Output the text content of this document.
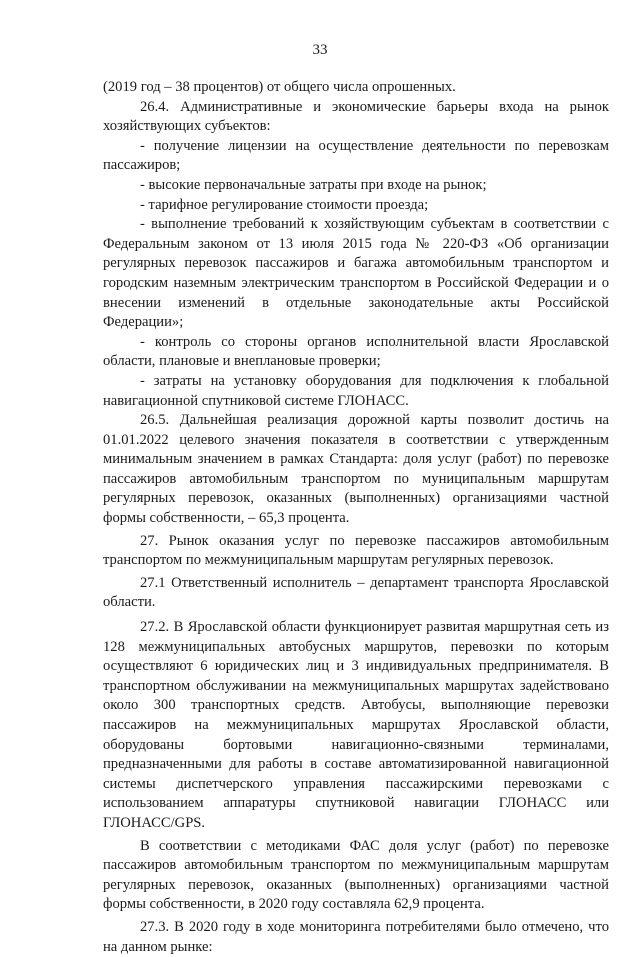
33

(2019 год – 38 процентов) от общего числа опрошенных.

26.4. Административные и экономические барьеры входа на рынок хозяйствующих субъектов:

- получение лицензии на осуществление деятельности по перевозкам пассажиров;

- высокие первоначальные затраты при входе на рынок;

- тарифное регулирование стоимости проезда;

- выполнение требований к хозяйствующим субъектам в соответствии с Федеральным законом от 13 июля 2015 года № 220-ФЗ «Об организации регулярных перевозок пассажиров и багажа автомобильным транспортом и городским наземным электрическим транспортом в Российской Федерации и о внесении изменений в отдельные законодательные акты Российской Федерации»;

- контроль со стороны органов исполнительной власти Ярославской области, плановые и внеплановые проверки;

- затраты на установку оборудования для подключения к глобальной навигационной спутниковой системе ГЛОНАСС.

26.5. Дальнейшая реализация дорожной карты позволит достичь на 01.01.2022 целевого значения показателя в соответствии с утвержденным минимальным значением в рамках Стандарта: доля услуг (работ) по перевозке пассажиров автомобильным транспортом по муниципальным маршрутам регулярных перевозок, оказанных (выполненных) организациями частной формы собственности, – 65,3 процента.

27. Рынок оказания услуг по перевозке пассажиров автомобильным транспортом по межмуниципальным маршрутам регулярных перевозок.

27.1 Ответственный исполнитель – департамент транспорта Ярославской области.

27.2. В Ярославской области функционирует развитая маршрутная сеть из 128 межмуниципальных автобусных маршрутов, перевозки по которым осуществляют 6 юридических лиц и 3 индивидуальных предпринимателя. В транспортном обслуживании на межмуниципальных маршрутах задействовано около 300 транспортных средств. Автобусы, выполняющие перевозки пассажиров на межмуниципальных маршрутах Ярославской области, оборудованы бортовыми навигационно-связными терминалами, предназначенными для работы в составе автоматизированной навигационной системы диспетчерского управления пассажирскими перевозками с использованием аппаратуры спутниковой навигации ГЛОНАСС или ГЛОНАСС/GPS.

В соответствии с методиками ФАС доля услуг (работ) по перевозке пассажиров автомобильным транспортом по межмуниципальным маршрутам регулярных перевозок, оказанных (выполненных) организациями частной формы собственности, в 2020 году составляла 62,9 процента.

27.3. В 2020 году в ходе мониторинга потребителями было отмечено, что на данном рынке:
